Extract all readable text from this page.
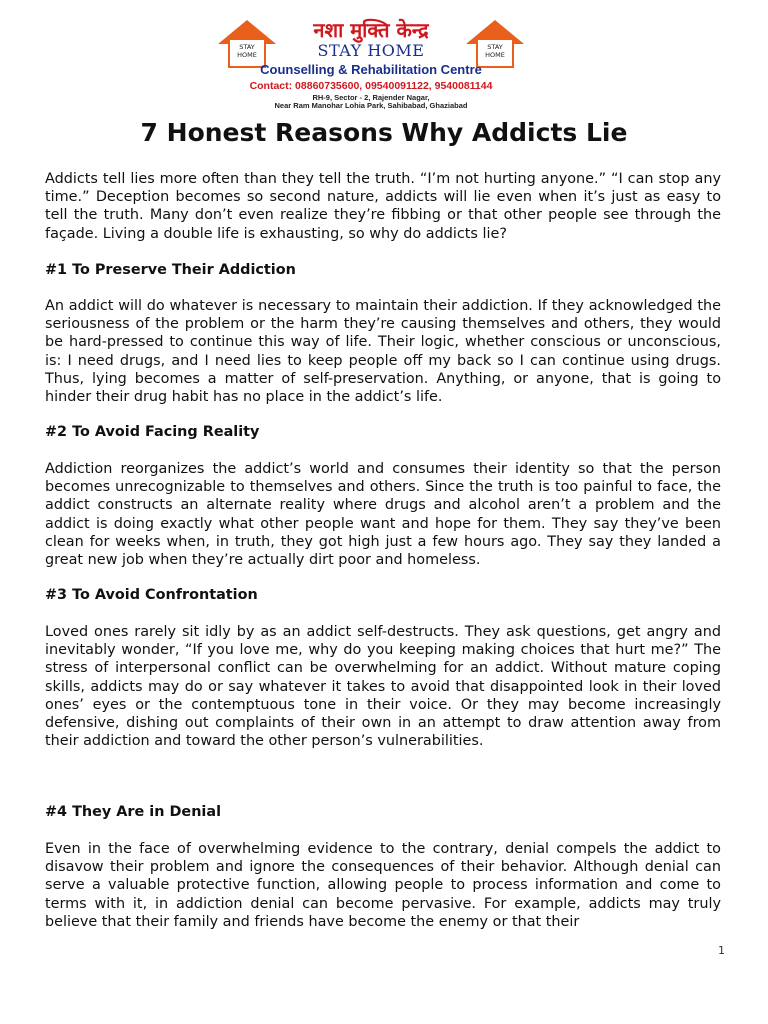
STAY HOME
नशा मुक्ति केन्द्र
STAY HOME	STAY HOME
Counselling & Rehabilitation Centre
Contact: 08860735600, 09540091122, 9540081144
RH-9, Sector - 2, Rajender Nagar,
Near Ram Manohar Lohia Park, Sahibabad, Ghaziabad
7 Honest Reasons Why Addicts Lie

Addicts tell lies more often than they tell the truth. “I’m not hurting anyone.” “I can stop any time.” Deception becomes so second nature, addicts will lie even when it’s just as easy to tell the truth. Many don’t even realize they’re fibbing or that other people see through the façade. Living a double life is exhausting, so why do addicts lie?

#1 To Preserve Their Addiction

An addict will do whatever is necessary to maintain their addiction. If they acknowledged the seriousness of the problem or the harm they’re causing themselves and others, they would be hard-pressed to continue this way of life. Their logic, whether conscious or unconscious, is: I need drugs, and I need lies to keep people off my back so I can continue using drugs. Thus, lying becomes a matter of self-preservation. Anything, or anyone, that is going to hinder their drug habit has no place in the addict’s life.

#2 To Avoid Facing Reality

Addiction reorganizes the addict’s world and consumes their identity so that the person becomes unrecognizable to themselves and others. Since the truth is too painful to face, the addict constructs an alternate reality where drugs and alcohol aren’t a problem and the addict is doing exactly what other people want and hope for them. They say they’ve been clean for weeks when, in truth, they got high just a few hours ago. They say they landed a great new job when they’re actually dirt poor and homeless.

#3 To Avoid Confrontation

Loved ones rarely sit idly by as an addict self-destructs. They ask questions, get angry and inevitably wonder, “If you love me, why do you keeping making choices that hurt me?” The stress of interpersonal conflict can be overwhelming for an addict. Without mature coping skills, addicts may do or say whatever it takes to avoid that disappointed look in their loved ones’ eyes or the contemptuous tone in their voice. Or they may become increasingly defensive, dishing out complaints of their own in an attempt to draw attention away from their addiction and toward the other person’s vulnerabilities.

#4 They Are in Denial

Even in the face of overwhelming evidence to the contrary, denial compels the addict to disavow their problem and ignore the consequences of their behavior. Although denial can serve a valuable protective function, allowing people to process information and come to terms with it, in addiction denial can become pervasive. For example, addicts may truly believe that their family and friends have become the enemy or that their

1
